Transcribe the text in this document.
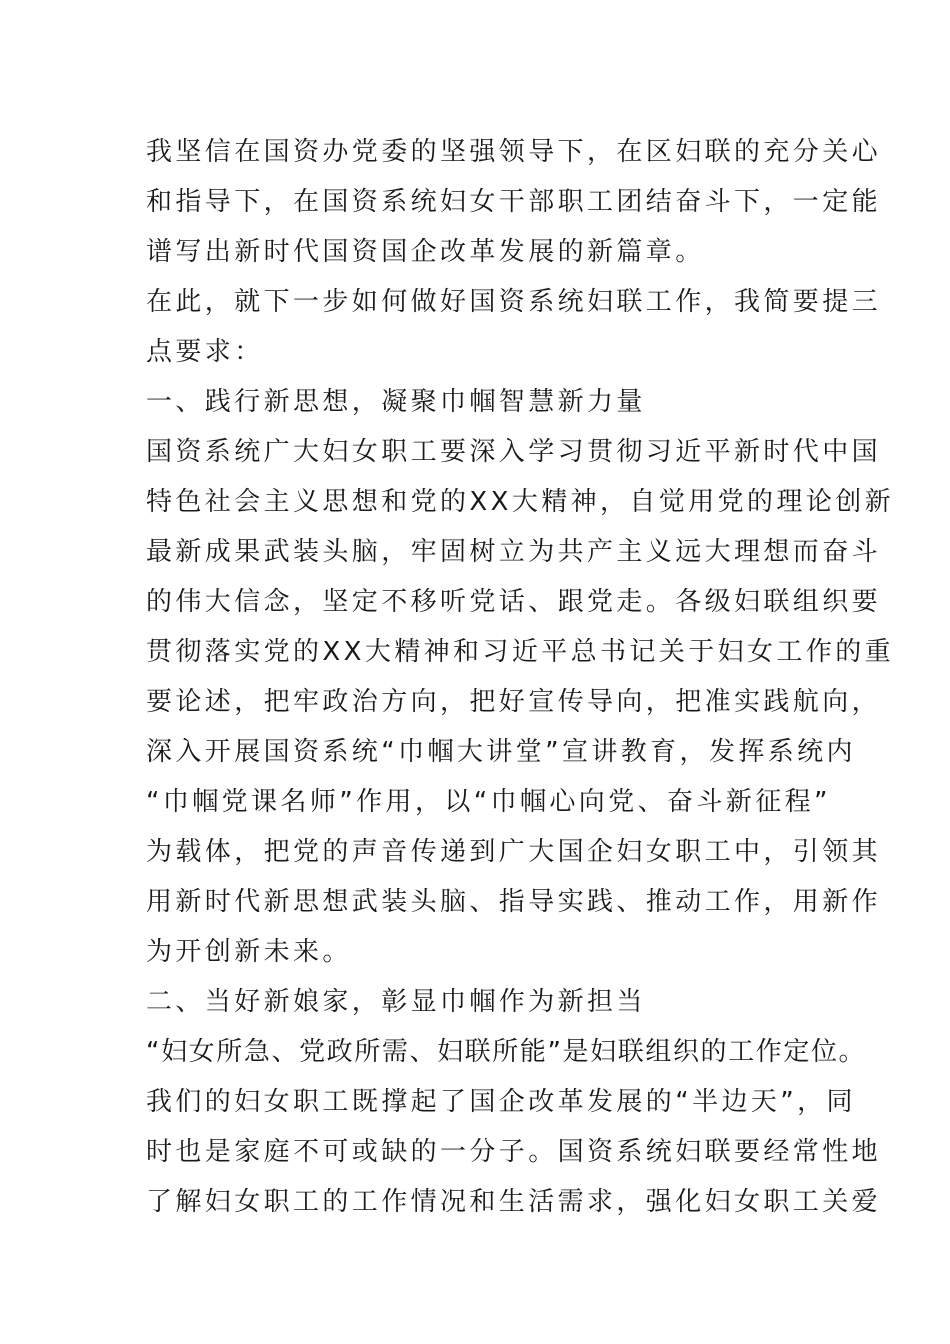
我坚信在国资办党委的坚强领导下，在区妇联的充分关心
和指导下，在国资系统妇女干部职工团结奋斗下，一定能
谱写出新时代国资国企改革发展的新篇章。
在此，就下一步如何做好国资系统妇联工作，我简要提三
点要求：
一、践行新思想，凝聚巾帼智慧新力量
国资系统广大妇女职工要深入学习贯彻习近平新时代中国
特色社会主义思想和党的XX大精神，自觉用党的理论创新
最新成果武装头脑，牢固树立为共产主义远大理想而奋斗
的伟大信念，坚定不移听党话、跟党走。各级妇联组织要
贯彻落实党的XX大精神和习近平总书记关于妇女工作的重
要论述，把牢政治方向，把好宣传导向，把准实践航向，
深入开展国资系统“巾帼大讲堂”宣讲教育，发挥系统内
“巾帼党课名师”作用，以“巾帼心向党、奋斗新征程”
为载体，把党的声音传递到广大国企妇女职工中，引领其
用新时代新思想武装头脑、指导实践、推动工作，用新作
为开创新未来。
二、当好新娘家，彰显巾帼作为新担当
“妇女所急、党政所需、妇联所能”是妇联组织的工作定位。
我们的妇女职工既撑起了国企改革发展的“半边天”，同
时也是家庭不可或缺的一分子。国资系统妇联要经常性地
了解妇女职工的工作情况和生活需求，强化妇女职工关爱
